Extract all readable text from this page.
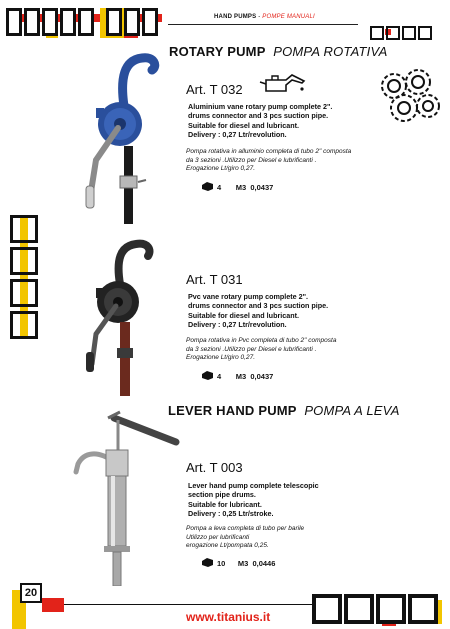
HAND PUMPS - POMPE MANUALI
ROTARY PUMP POMPA ROTATIVA
Art. T 032
Aluminium vane rotary pump complete 2".
drums connector and 3 pcs suction pipe.
Suitable for diesel and lubricant.
Delivery : 0,27 Ltr/revolution.
Pompa rotativa in alluminio completa di tubo 2" composta
da 3 sezioni .Utilizzo per Diesel e lubrificanti .
Erogazione Lt/giro 0,27.
4 M3 0,0437
Art. T 031
Pvc vane rotary pump complete 2".
drums connector and 3 pcs suction pipe.
Suitable for diesel and lubricant.
Delivery : 0,27 Ltr/revolution.
Pompa rotativa in Pvc completa di tubo 2" composta
da 3 sezioni .Utilizzo per Diesel e lubrificanti .
Erogazione Lt/giro 0,27.
4 M3 0,0437
LEVER HAND PUMP POMPA A LEVA
Art. T 003
Lever hand pump complete telescopic
section pipe drums.
Suitable for lubricant.
Delivery : 0,25 Ltr/stroke.
Pompa a leva completa di tubo per barile
Utilizzo per lubrificanti
erogazione Lt/pompata 0,25.
10 M3 0,0446
20
www.titanius.it
